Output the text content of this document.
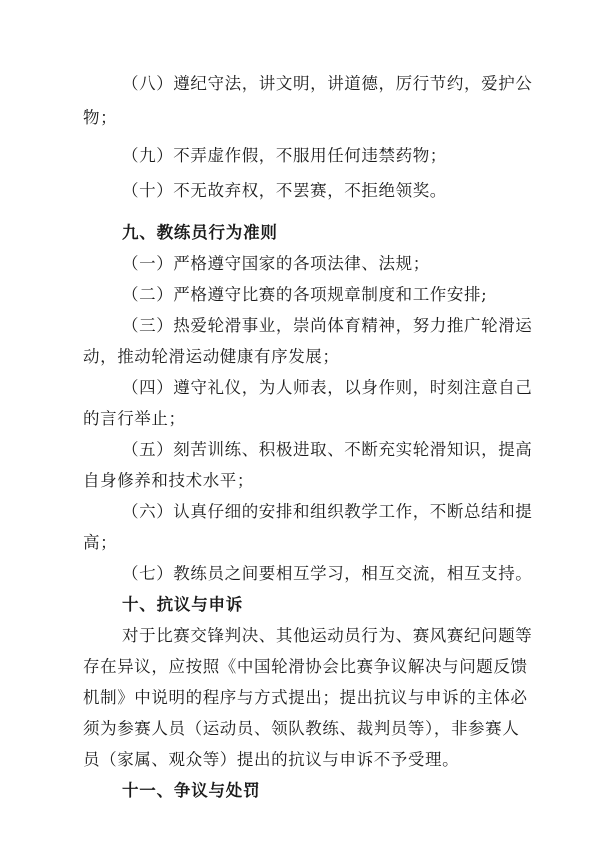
（八）遵纪守法，讲文明，讲道德，厉行节约，爱护公
物；
（九）不弄虚作假，不服用任何违禁药物；
（十）不无故弃权，不罢赛，不拒绝领奖。
九、教练员行为准则
（一）严格遵守国家的各项法律、法规；
（二）严格遵守比赛的各项规章制度和工作安排;
（三）热爱轮滑事业，崇尚体育精神，努力推广轮滑运
动，推动轮滑运动健康有序发展；
（四）遵守礼仪，为人师表，以身作则，时刻注意自己
的言行举止；
（五）刻苦训练、积极进取、不断充实轮滑知识，提高
自身修养和技术水平；
（六）认真仔细的安排和组织教学工作，不断总结和提
高；
（七）教练员之间要相互学习，相互交流，相互支持。
十、抗议与申诉
对于比赛交锋判决、其他运动员行为、赛风赛纪问题等
存在异议，应按照《中国轮滑协会比赛争议解决与问题反馈
机制》中说明的程序与方式提出；提出抗议与申诉的主体必
须为参赛人员（运动员、领队教练、裁判员等），非参赛人
员（家属、观众等）提出的抗议与申诉不予受理。
十一、争议与处罚
